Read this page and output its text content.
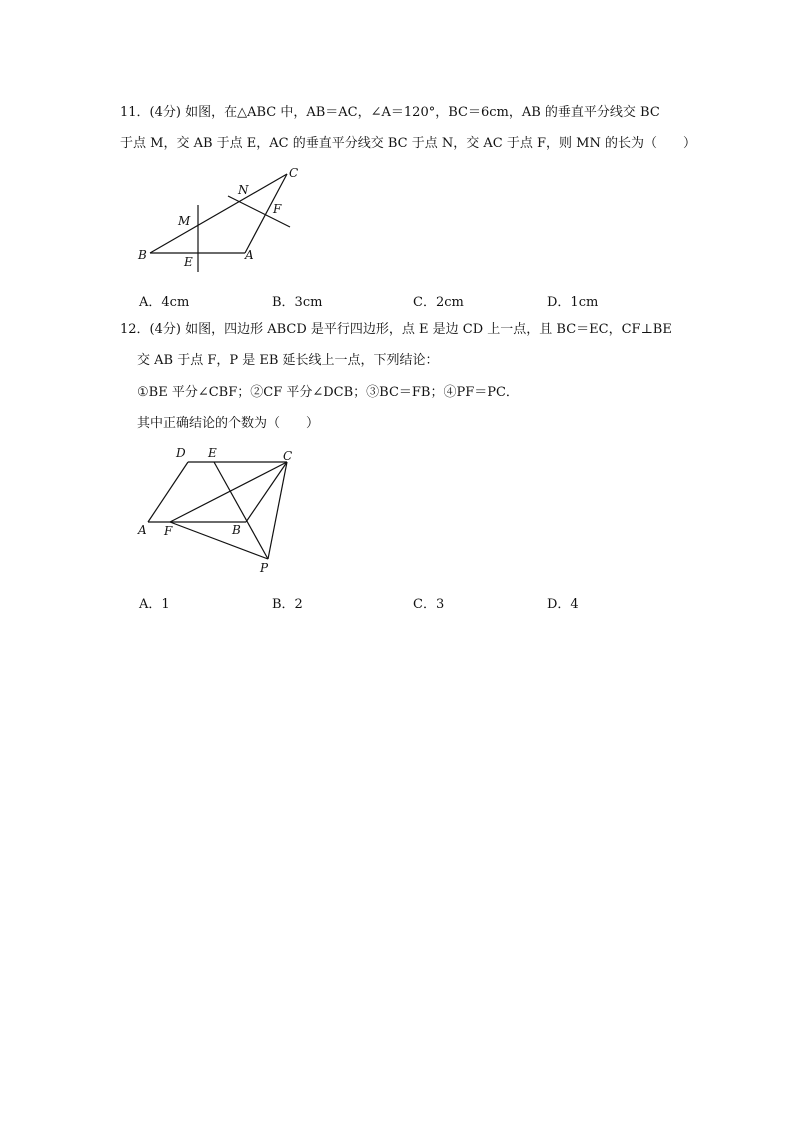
11．(4分) 如图，在△ABC 中，AB＝AC，∠A＝120°，BC＝6cm，AB 的垂直平分线交 BC

于点 M，交 AB 于点 E，AC 的垂直平分线交 BC 于点 N，交 AC 于点 F，则 MN 的长为（　　）

B	E	A
M
N
F
C
A．4cm	B．3cm	C．2cm	D．1cm

12．(4分) 如图，四边形 ABCD 是平行四边形，点 E 是边 CD 上一点，且 BC＝EC，CF⊥BE

交 AB 于点 F，P 是 EB 延长线上一点，下列结论：

①BE 平分∠CBF；②CF 平分∠DCB；③BC＝FB；④PF＝PC．

其中正确结论的个数为（　　）

D E	C
A F	B
P
A．1	B．2	C．3	D．4
